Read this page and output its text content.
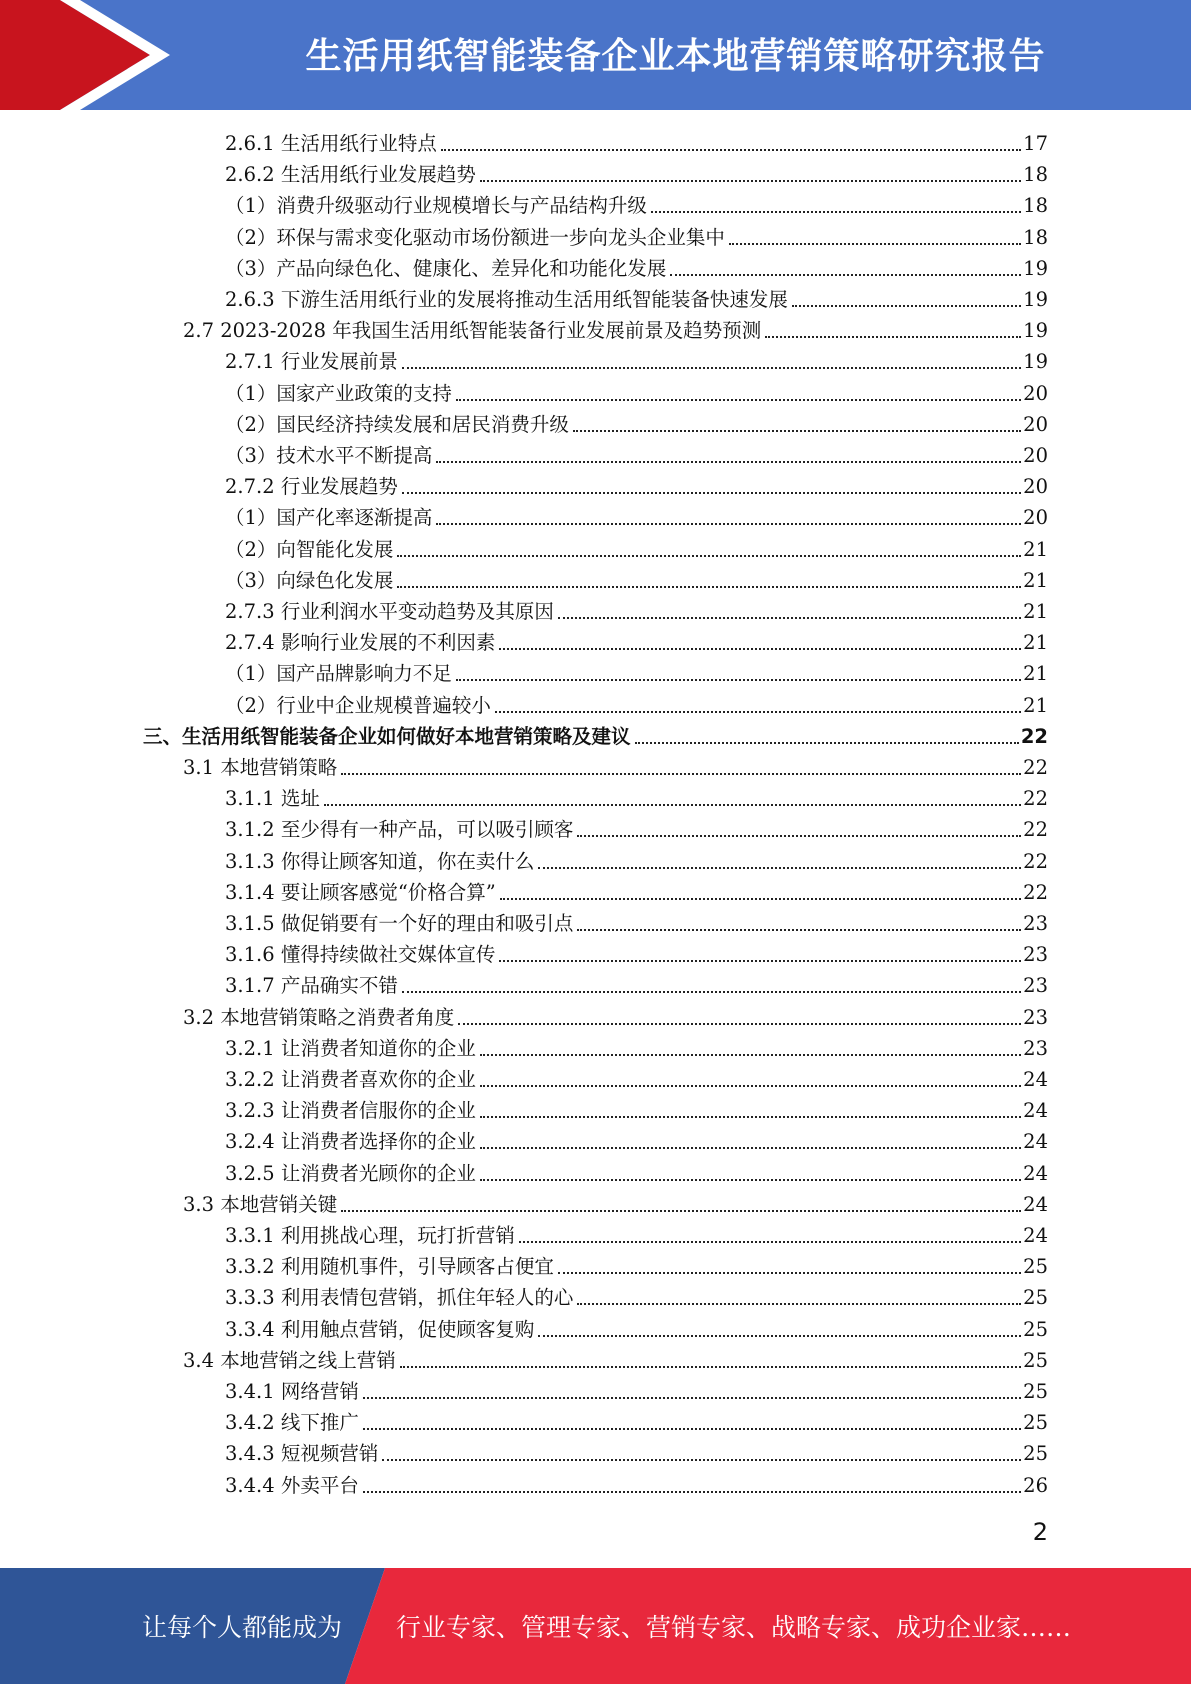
生活用纸智能装备企业本地营销策略研究报告
2.6.1 生活用纸行业特点	17
2.6.2 生活用纸行业发展趋势	18
（1）消费升级驱动行业规模增长与产品结构升级	18
（2）环保与需求变化驱动市场份额进一步向龙头企业集中	18
（3）产品向绿色化、健康化、差异化和功能化发展	19
2.6.3 下游生活用纸行业的发展将推动生活用纸智能装备快速发展	19
2.7 2023-2028 年我国生活用纸智能装备行业发展前景及趋势预测	19
2.7.1 行业发展前景	19
（1）国家产业政策的支持	20
（2）国民经济持续发展和居民消费升级	20
（3）技术水平不断提高	20
2.7.2 行业发展趋势	20
（1）国产化率逐渐提高	20
（2）向智能化发展	21
（3）向绿色化发展	21
2.7.3 行业利润水平变动趋势及其原因	21
2.7.4 影响行业发展的不利因素	21
（1）国产品牌影响力不足	21
（2）行业中企业规模普遍较小	21
三、生活用纸智能装备企业如何做好本地营销策略及建议	22
3.1 本地营销策略	22
3.1.1 选址	22
3.1.2 至少得有一种产品，可以吸引顾客	22
3.1.3 你得让顾客知道，你在卖什么	22
3.1.4 要让顾客感觉“价格合算”	22
3.1.5 做促销要有一个好的理由和吸引点	23
3.1.6 懂得持续做社交媒体宣传	23
3.1.7 产品确实不错	23
3.2 本地营销策略之消费者角度	23
3.2.1 让消费者知道你的企业	23
3.2.2 让消费者喜欢你的企业	24
3.2.3 让消费者信服你的企业	24
3.2.4 让消费者选择你的企业	24
3.2.5 让消费者光顾你的企业	24
3.3 本地营销关键	24
3.3.1 利用挑战心理，玩打折营销	24
3.3.2 利用随机事件，引导顾客占便宜	25
3.3.3 利用表情包营销，抓住年轻人的心	25
3.3.4 利用触点营销，促使顾客复购	25
3.4 本地营销之线上营销	25
3.4.1 网络营销	25
3.4.2 线下推广	25
3.4.3 短视频营销	25
3.4.4 外卖平台	26
2
让每个人都能成为 行业专家、管理专家、营销专家、战略专家、成功企业家……
